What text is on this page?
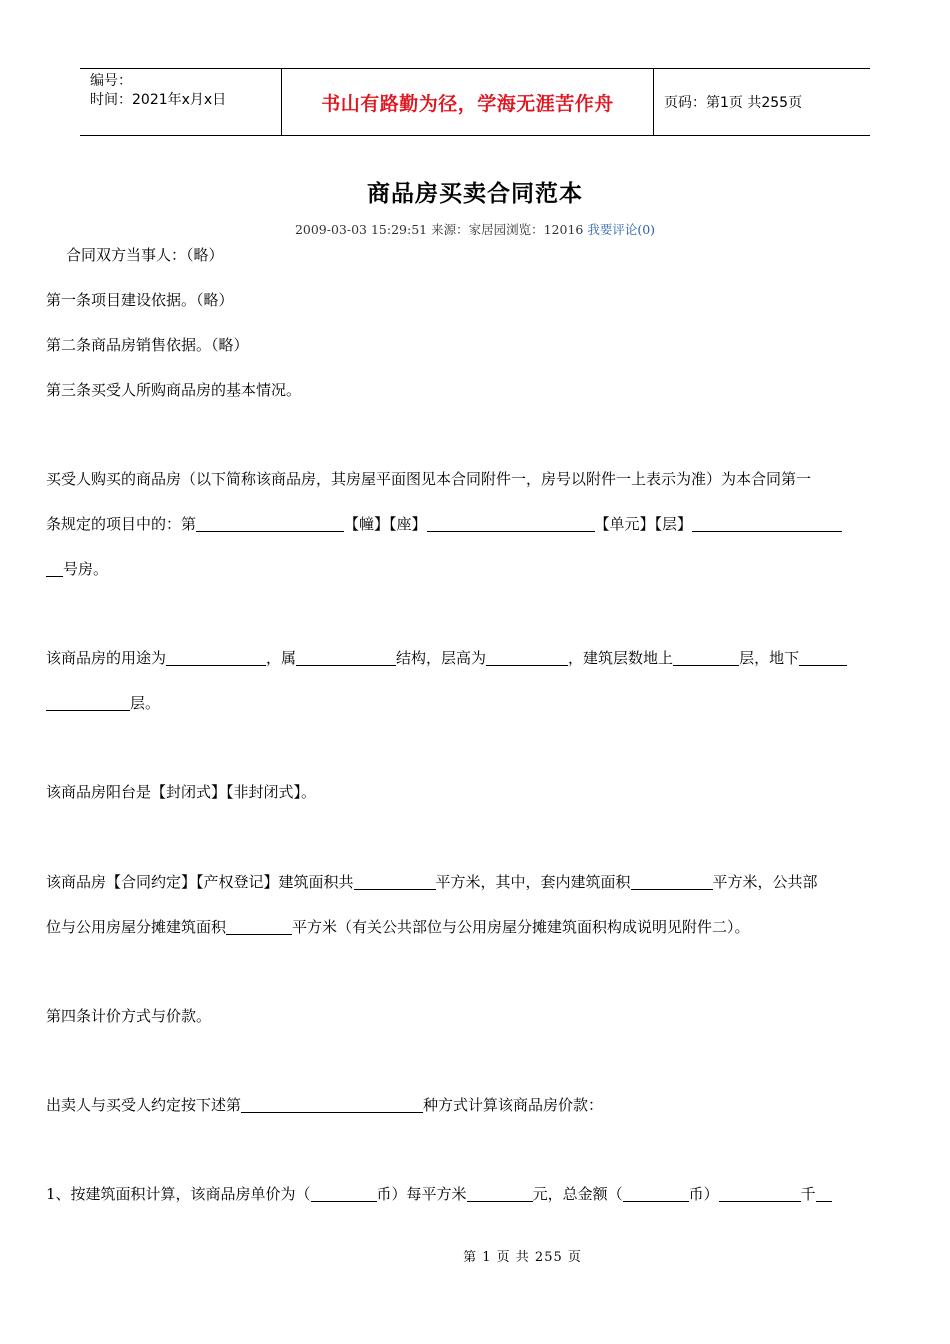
编号：
时间：2021年x月x日	书山有路勤为径，学海无涯苦作舟	页码：第1页 共255页
商品房买卖合同范本
2009-03-03 15:29:51 来源：家居园浏览：12016 我要评论(0)
合同双方当事人：（略）
第一条项目建设依据。（略）
第二条商品房销售依据。（略）
第三条买受人所购商品房的基本情况。
买受人购买的商品房（以下简称该商品房，其房屋平面图见本合同附件一，房号以附件一上表示为准）为本合同第一
条规定的项目中的：第	【幢】【座】	【单元】【层】
号房。
该商品房的用途为	，属	结构，层高为	，建筑层数地上	层，地下
层。
该商品房阳台是【封闭式】【非封闭式】。
该商品房【合同约定】【产权登记】建筑面积共	平方米，其中，套内建筑面积	平方米，公共部
位与公用房屋分摊建筑面积	平方米（有关公共部位与公用房屋分摊建筑面积构成说明见附件二）。
第四条计价方式与价款。
出卖人与买受人约定按下述第	种方式计算该商品房价款：
1、按建筑面积计算，该商品房单价为（	币）每平方米	元，总金额（	币）	千
第 1 页 共 255 页
